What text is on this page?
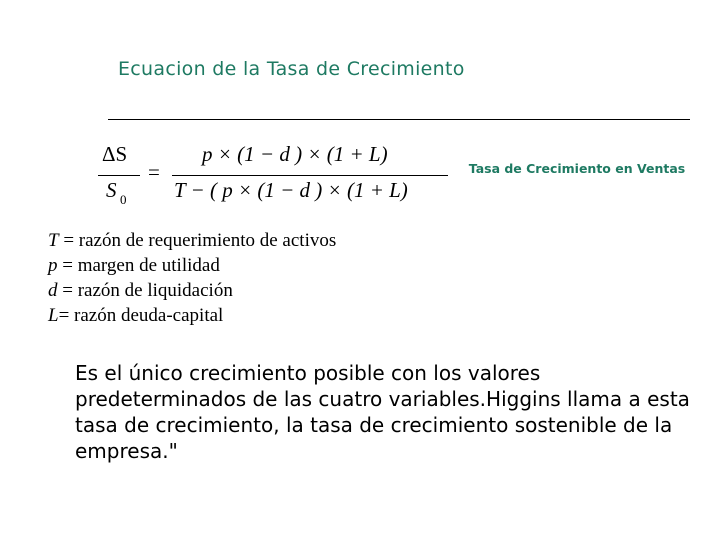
Ecuacion de la Tasa de Crecimiento
ΔS
S 0
=
p × (1 − d ) × (1 + L)
T − ( p × (1 − d ) × (1 + L)
Tasa de Crecimiento en Ventas
T = razón de requerimiento de activos
p = margen de utilidad
d = razón de liquidación
L= razón deuda-capital
Es el único crecimiento posible con los valores predeterminados de las cuatro variables.Higgins llama a esta tasa de crecimiento, la tasa de crecimiento sostenible de la empresa."
